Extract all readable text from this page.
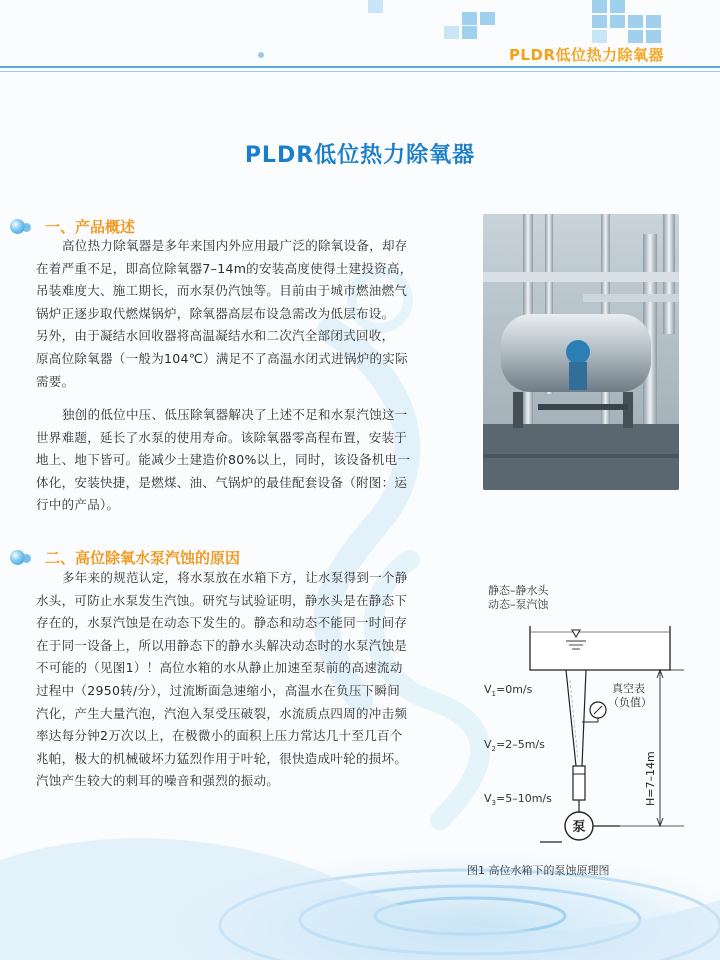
PLDR低位热力除氧器
PLDR低位热力除氧器
一、产品概述

高位热力除氧器是多年来国内外应用最广泛的除氧设备，却存
在着严重不足，即高位除氧器7–14m的安装高度使得土建投资高，
吊装难度大、施工期长，而水泵仍汽蚀等。目前由于城市燃油燃气
锅炉正逐步取代燃煤锅炉，除氧器高层布设急需改为低层布设。
另外，由于凝结水回收器将高温凝结水和二次汽全部闭式回收，
原高位除氧器（一般为104℃）满足不了高温水闭式进锅炉的实际
需要。

独创的低位中压、低压除氧器解决了上述不足和水泵汽蚀这一
世界难题，延长了水泵的使用寿命。该除氧器零高程布置，安装于
地上、地下皆可。能减少土建造价80%以上，同时，该设备机电一
体化，安装快捷，是燃煤、油、气锅炉的最佳配套设备（附图：运
行中的产品）。

二、高位除氧水泵汽蚀的原因

多年来的规范认定，将水泵放在水箱下方，让水泵得到一个静
水头，可防止水泵发生汽蚀。研究与试验证明，静水头是在静态下
存在的，水泵汽蚀是在动态下发生的。静态和动态不能同一时间存
在于同一设备上，所以用静态下的静水头解决动态时的水泵汽蚀是
不可能的（见图1）！高位水箱的水从静止加速至泵前的高速流动
过程中（2950转/分），过流断面急速缩小，高温水在负压下瞬间
汽化，产生大量汽泡，汽泡入泵受压破裂，水流质点四周的冲击频
率达每分钟2万次以上，在极微小的面积上压力常达几十至几百个
兆帕，极大的机械破坏力猛烈作用于叶轮，很快造成叶轮的损坏。
汽蚀产生较大的刺耳的噪音和强烈的振动。

静态–静水头
动态–泵汽蚀
真空表
（负值）
$V_1=0m/s$
$V_2=2-5m/s$
$V_3=5-10m/s$
泵
H=7–14m
图1 高位水箱下的泵蚀原理图
